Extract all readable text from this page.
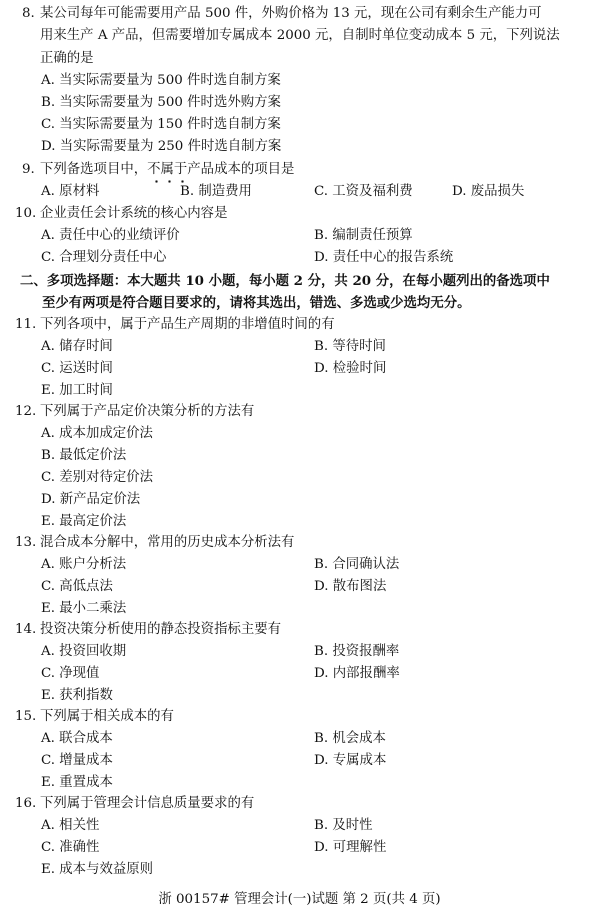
8. 某公司每年可能需要用产品 500 件，外购价格为 13 元，现在公司有剩余生产能力可
用来生产 A 产品，但需要增加专属成本 2000 元，自制时单位变动成本 5 元，下列说法
正确的是
A. 当实际需要量为 500 件时选自制方案
B. 当实际需要量为 500 件时选外购方案
C. 当实际需要量为 150 件时选自制方案
D. 当实际需要量为 250 件时选自制方案
9. 下列备选项目中，不属于产品成本的项目是
A. 原材料	B. 制造费用	C. 工资及福利费	D. 废品损失
10. 企业责任会计系统的核心内容是
A. 责任中心的业绩评价	B. 编制责任预算
C. 合理划分责任中心	D. 责任中心的报告系统
二、多项选择题：本大题共 10 小题，每小题 2 分，共 20 分，在每小题列出的备选项中
至少有两项是符合题目要求的，请将其选出，错选、多选或少选均无分。
11. 下列各项中，属于产品生产周期的非增值时间的有
A. 储存时间	B. 等待时间
C. 运送时间	D. 检验时间
E. 加工时间
12. 下列属于产品定价决策分析的方法有
A. 成本加成定价法
B. 最低定价法
C. 差别对待定价法
D. 新产品定价法
E. 最高定价法
13. 混合成本分解中，常用的历史成本分析法有
A. 账户分析法	B. 合同确认法
C. 高低点法	D. 散布图法
E. 最小二乘法
14. 投资决策分析使用的静态投资指标主要有
A. 投资回收期	B. 投资报酬率
C. 净现值	D. 内部报酬率
E. 获利指数
15. 下列属于相关成本的有
A. 联合成本	B. 机会成本
C. 增量成本	D. 专属成本
E. 重置成本
16. 下列属于管理会计信息质量要求的有
A. 相关性	B. 及时性
C. 准确性	D. 可理解性
E. 成本与效益原则
浙 00157# 管理会计(一)试题 第 2 页(共 4 页)
